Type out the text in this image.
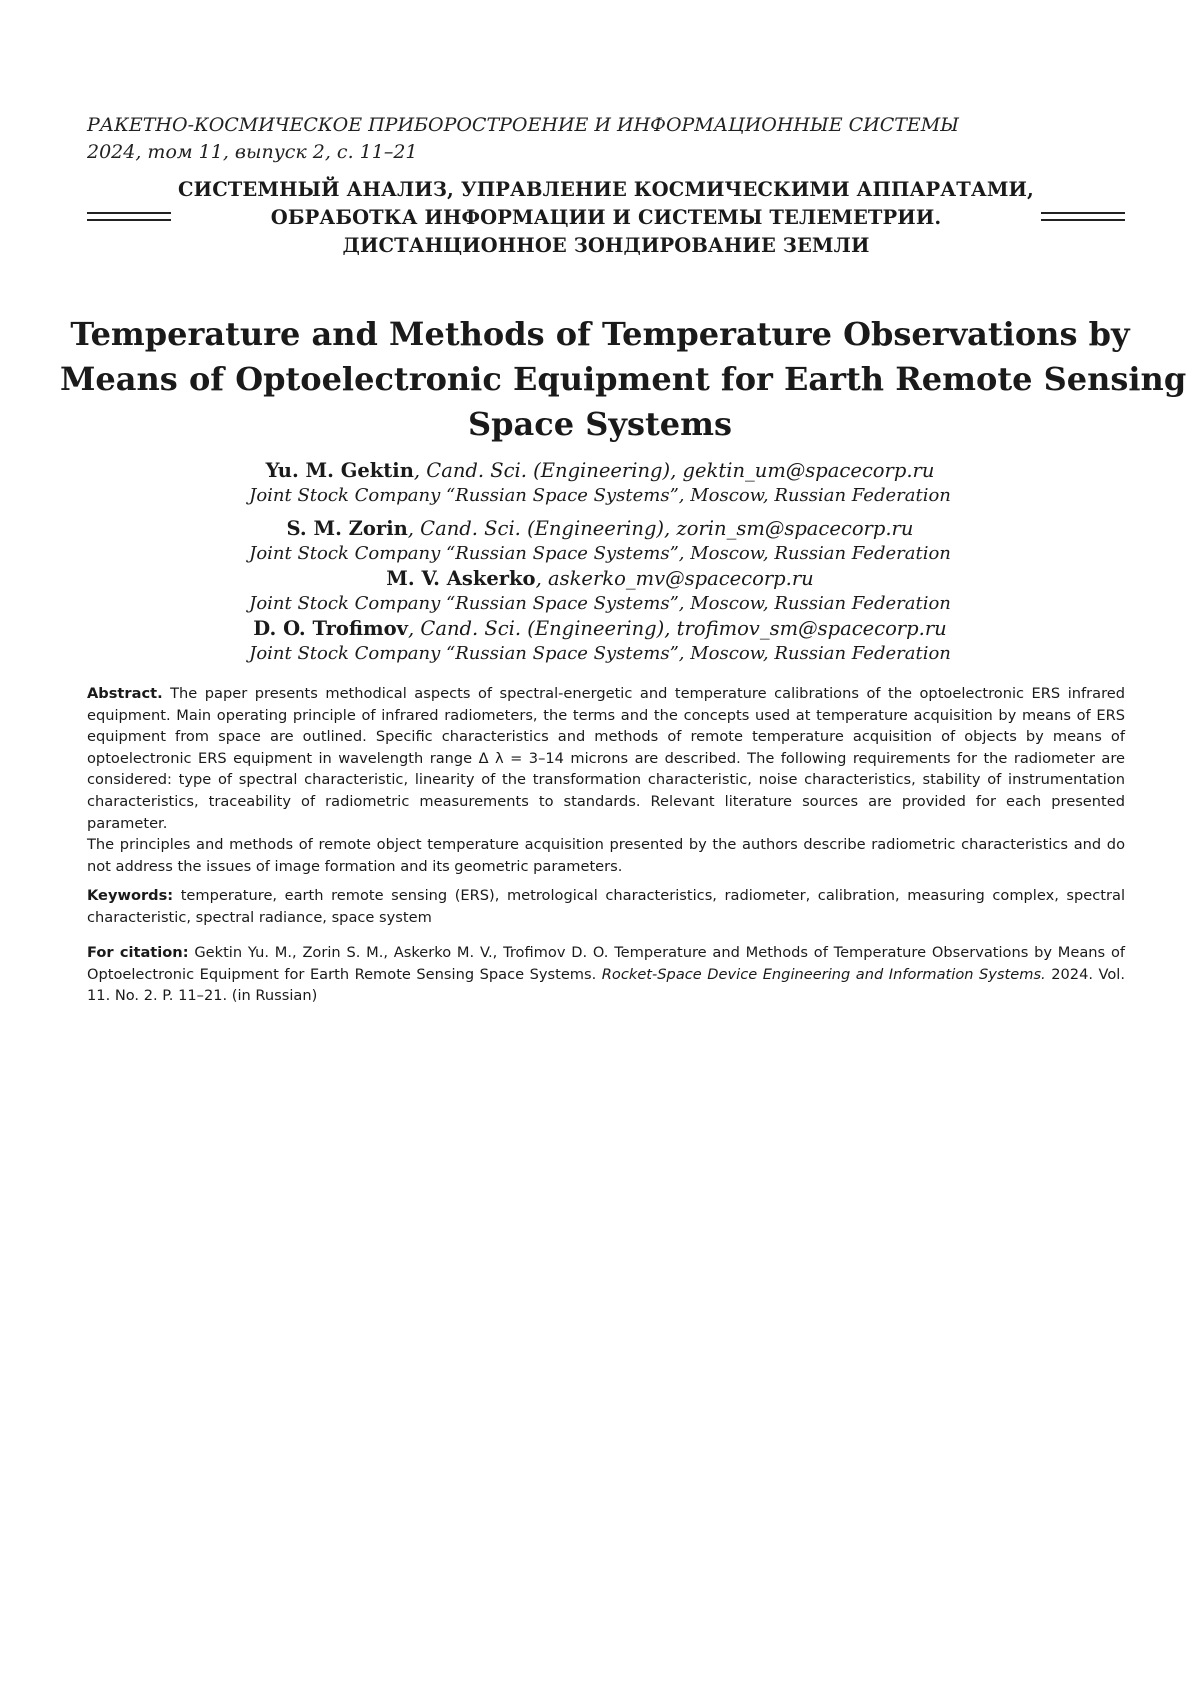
РАКЕТНО-КОСМИЧЕСКОЕ ПРИБОРОСТРОЕНИЕ И ИНФОРМАЦИОННЫЕ СИСТЕМЫ
2024, том 11, выпуск 2, с. 11–21
СИСТЕМНЫЙ АНАЛИЗ, УПРАВЛЕНИЕ КОСМИЧЕСКИМИ АППАРАТАМИ,
ОБРАБОТКА ИНФОРМАЦИИ И СИСТЕМЫ ТЕЛЕМЕТРИИ.
ДИСТАНЦИОННОЕ ЗОНДИРОВАНИЕ ЗЕМЛИ
Temperature and Methods of Temperature Observations by
Means of Optoelectronic Equipment for Earth Remote Sensing
Space Systems
Yu. M. Gektin, Cand. Sci. (Engineering), gektin_um@spacecorp.ru
Joint Stock Company “Russian Space Systems”, Moscow, Russian Federation
S. M. Zorin, Cand. Sci. (Engineering), zorin_sm@spacecorp.ru
Joint Stock Company “Russian Space Systems”, Moscow, Russian Federation
M. V. Askerko, askerko_mv@spacecorp.ru
Joint Stock Company “Russian Space Systems”, Moscow, Russian Federation
D. O. Trofimov, Cand. Sci. (Engineering), trofimov_sm@spacecorp.ru
Joint Stock Company “Russian Space Systems”, Moscow, Russian Federation

Abstract. The paper presents methodical aspects of spectral-energetic and temperature calibrations of the optoelectronic ERS infrared equipment. Main operating principle of infrared radiometers, the terms and the concepts used at temperature acquisition by means of ERS equipment from space are outlined. Specific characteristics and methods of remote temperature acquisition of objects by means of optoelectronic ERS equipment in wavelength range Δ λ = 3–14 microns are described. The following requirements for the radiometer are considered: type of spectral characteristic, linearity of the transformation characteristic, noise characteristics, stability of instrumentation characteristics, traceability of radiometric measurements to standards. Relevant literature sources are provided for each presented parameter.

The principles and methods of remote object temperature acquisition presented by the authors describe radiometric characteristics and do not address the issues of image formation and its geometric parameters.

Keywords: temperature, earth remote sensing (ERS), metrological characteristics, radiometer, calibration, measuring complex, spectral characteristic, spectral radiance, space system
For citation: Gektin Yu. M., Zorin S. M., Askerko M. V., Trofimov D. O. Temperature and Methods of Temperature Observations by Means of Optoelectronic Equipment for Earth Remote Sensing Space Systems. Rocket-Space Device Engineering and Information Systems. 2024. Vol. 11. No. 2. P. 11–21. (in Russian)
